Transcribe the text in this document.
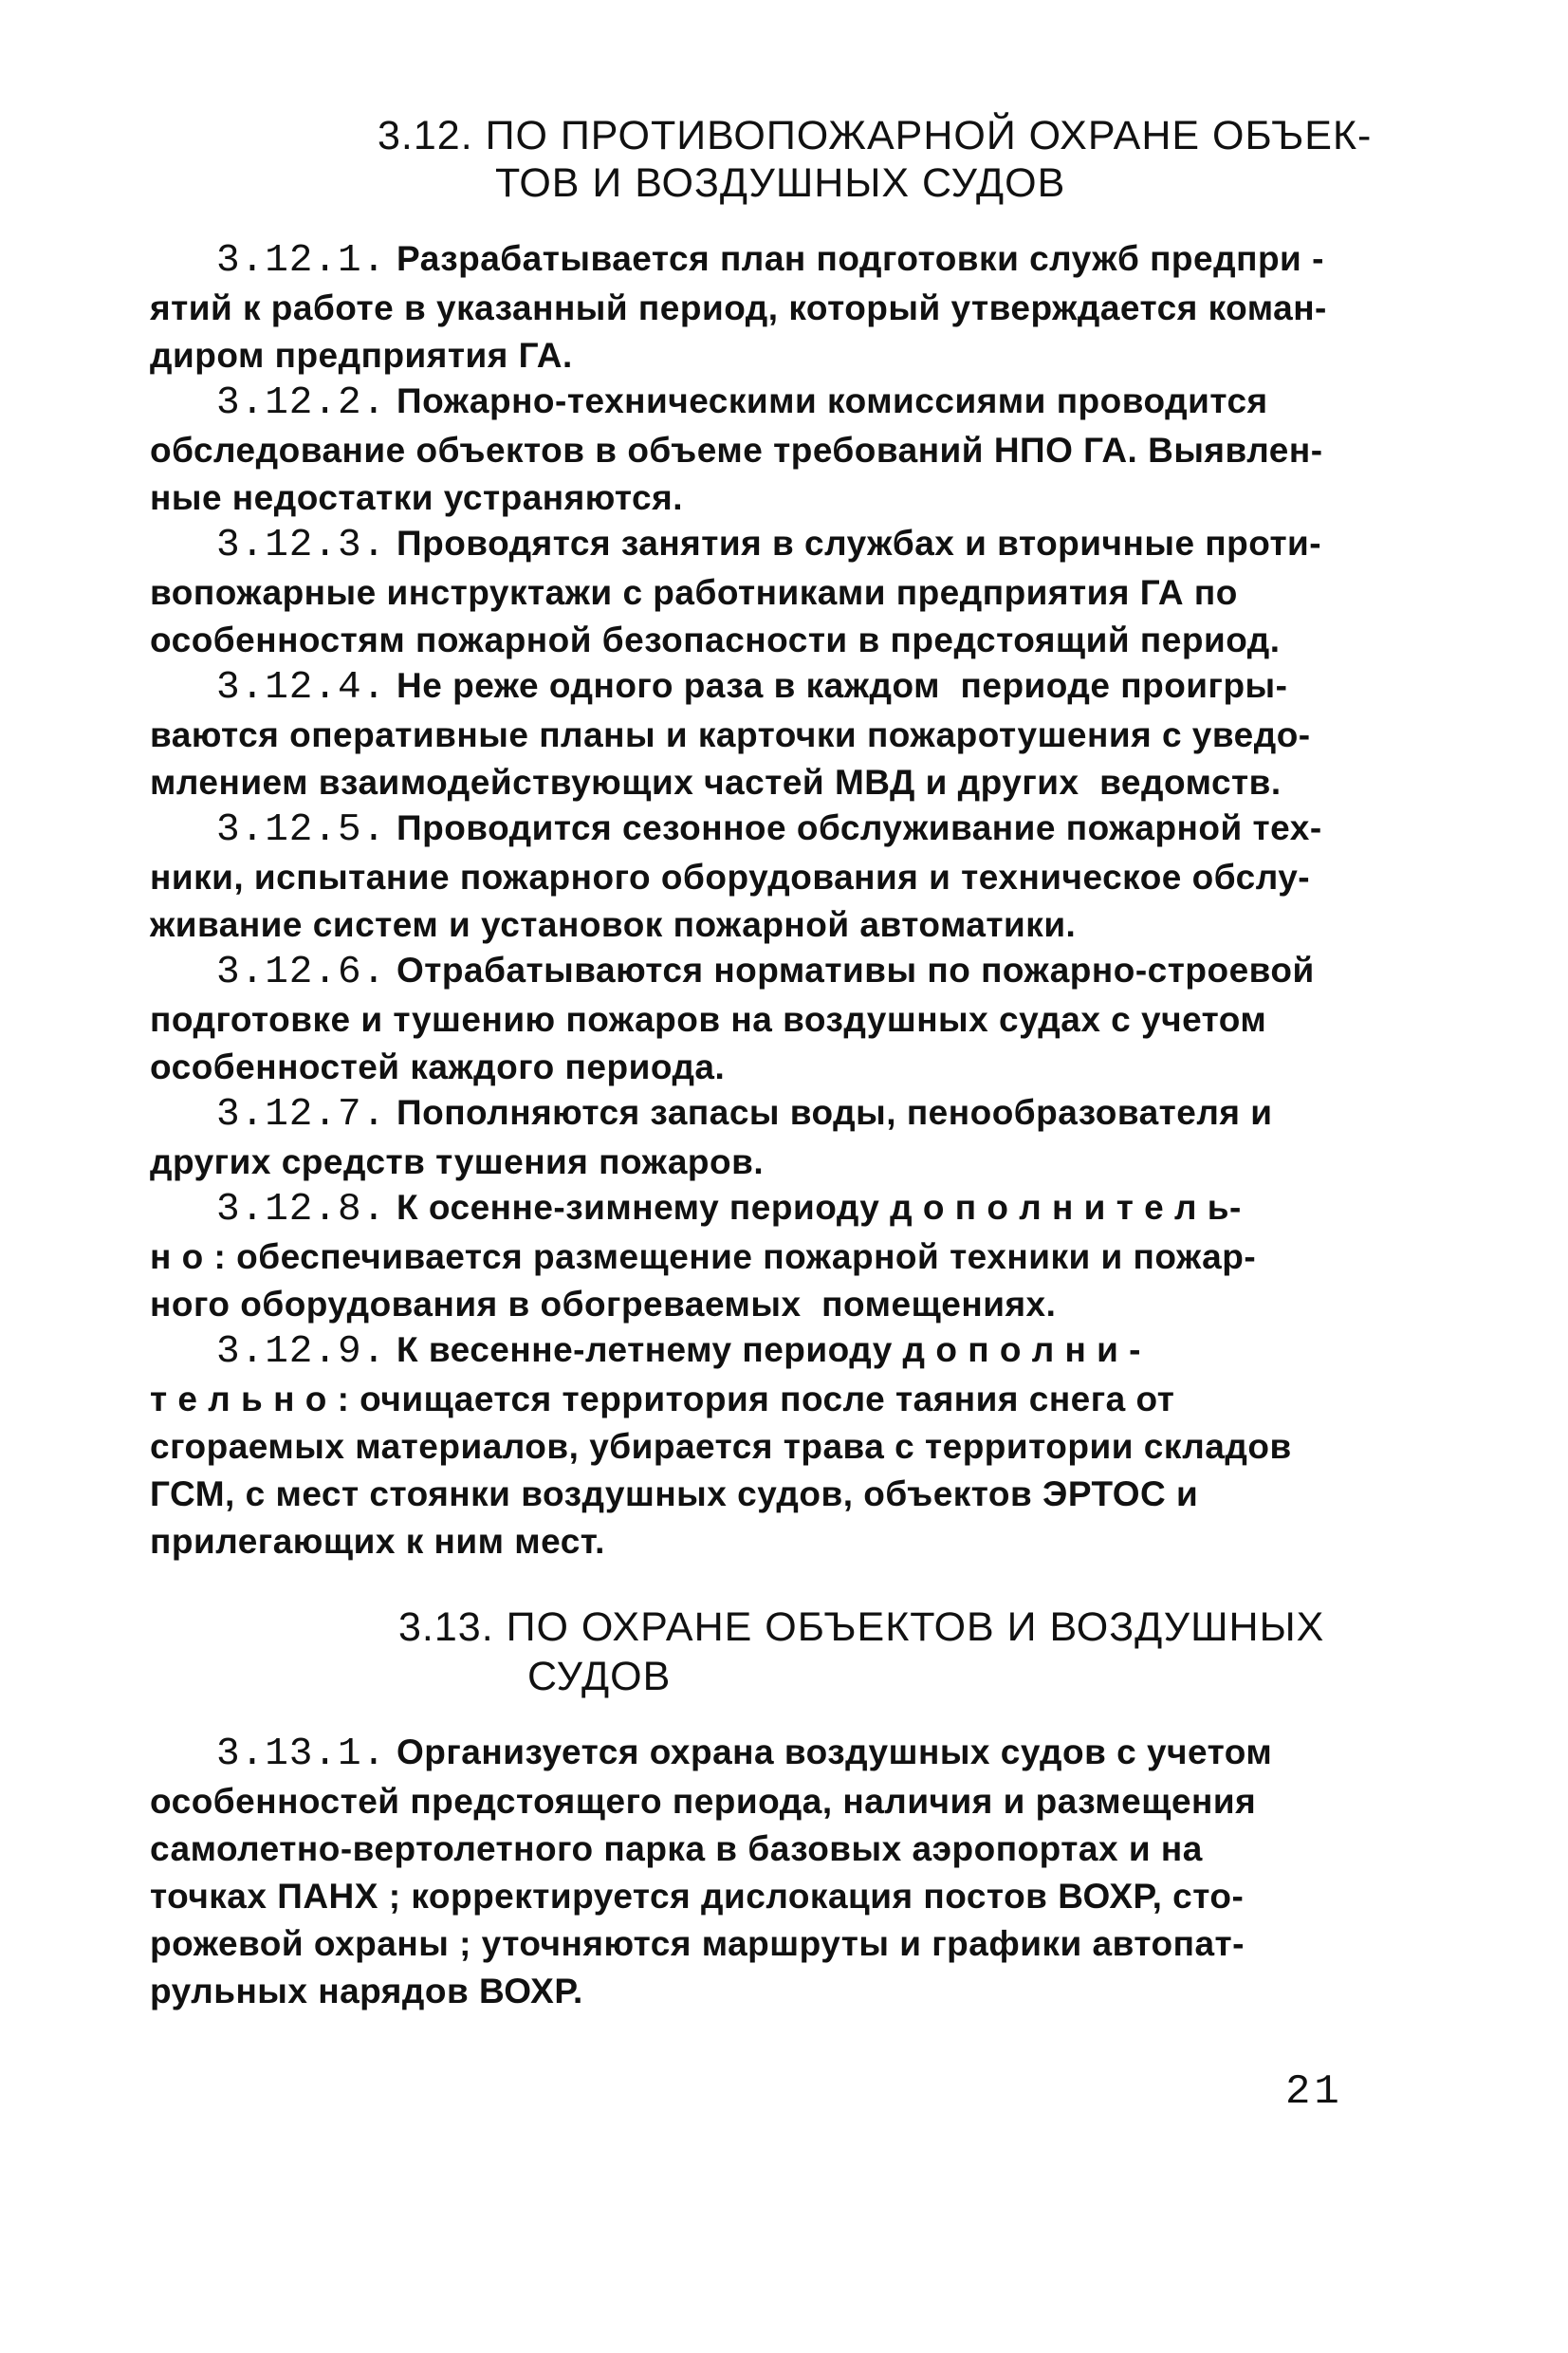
3.12. ПО ПРОТИВОПОЖАРНОЙ ОХРАНЕ ОБЪЕК-
ТОВ И ВОЗДУШНЫХ СУДОВ
3.12.1. Разрабатывается план подготовки служб предпри -
ятий к работе в указанный период, который утверждается коман-
диром предприятия ГА.
3.12.2. Пожарно-техническими комиссиями проводится
обследование объектов в объеме требований НПО ГА. Выявлен-
ные недостатки устраняются.
3.12.3. Проводятся занятия в службах и вторичные проти-
вопожарные инструктажи с работниками предприятия ГА по
особенностям пожарной безопасности в предстоящий период.
3.12.4. Не реже одного раза в каждом  периоде проигры-
ваются оперативные планы и карточки пожаротушения с уведо-
млением взаимодействующих частей МВД и других  ведомств.
3.12.5. Проводится сезонное обслуживание пожарной тех-
ники, испытание пожарного оборудования и техническое обслу-
живание систем и установок пожарной автоматики.
3.12.6. Отрабатываются нормативы по пожарно-строевой
подготовке и тушению пожаров на воздушных судах с учетом
особенностей каждого периода.
3.12.7. Пополняются запасы воды, пенообразователя и
других средств тушения пожаров.
3.12.8. К осенне-зимнему периоду д о п о л н и т е л ь-
н о : обеспечивается размещение пожарной техники и пожар-
ного оборудования в обогреваемых  помещениях.
3.12.9. К весенне-летнему периоду д о п о л н и -
т е л ь н о : очищается территория после таяния снега от
сгораемых материалов, убирается трава с территории складов
ГСМ, с мест стоянки воздушных судов, объектов ЭРТОС и
прилегающих к ним мест.
3.13. ПО ОХРАНЕ ОБЪЕКТОВ И ВОЗДУШНЫХ
СУДОВ
3.13.1. Организуется охрана воздушных судов с учетом
особенностей предстоящего периода, наличия и размещения
самолетно-вертолетного парка в базовых аэропортах и на
точках ПАНХ ; корректируется дислокация постов ВОХР, сто-
рожевой охраны ; уточняются маршруты и графики автопат-
рульных нарядов ВОХР.
21
